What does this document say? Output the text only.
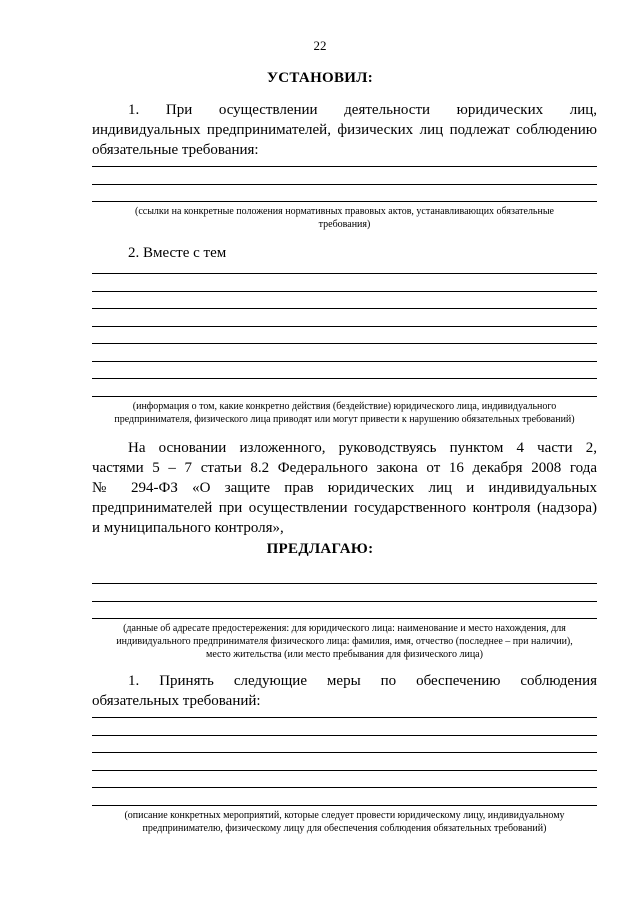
22
УСТАНОВИЛ:
1. При осуществлении деятельности юридических лиц,
индивидуальных предпринимателей, физических лиц подлежат соблюдению
обязательные требования:
(ссылки на конкретные положения нормативных правовых актов, устанавливающих обязательные
требования)
2. Вместе с тем
(информация о том, какие конкретно действия (бездействие) юридического лица, индивидуального
предпринимателя, физического лица приводят или могут привести к нарушению обязательных требований)
На основании изложенного, руководствуясь пунктом 4 части 2,
частями 5 – 7 статьи 8.2 Федерального закона от 16 декабря 2008 года
№ 294-ФЗ «О защите прав юридических лиц и индивидуальных
предпринимателей при осуществлении государственного контроля (надзора)
и муниципального контроля»,
ПРЕДЛАГАЮ:
(данные об адресате предостережения: для юридического лица: наименование и место нахождения, для
индивидуального предпринимателя физического лица: фамилия, имя, отчество (последнее – при наличии),
место жительства (или место пребывания для физического лица)
1. Принять следующие меры по обеспечению соблюдения
обязательных требований:
(описание конкретных мероприятий, которые следует провести юридическому лицу, индивидуальному
предпринимателю, физическому лицу для обеспечения соблюдения обязательных требований)
